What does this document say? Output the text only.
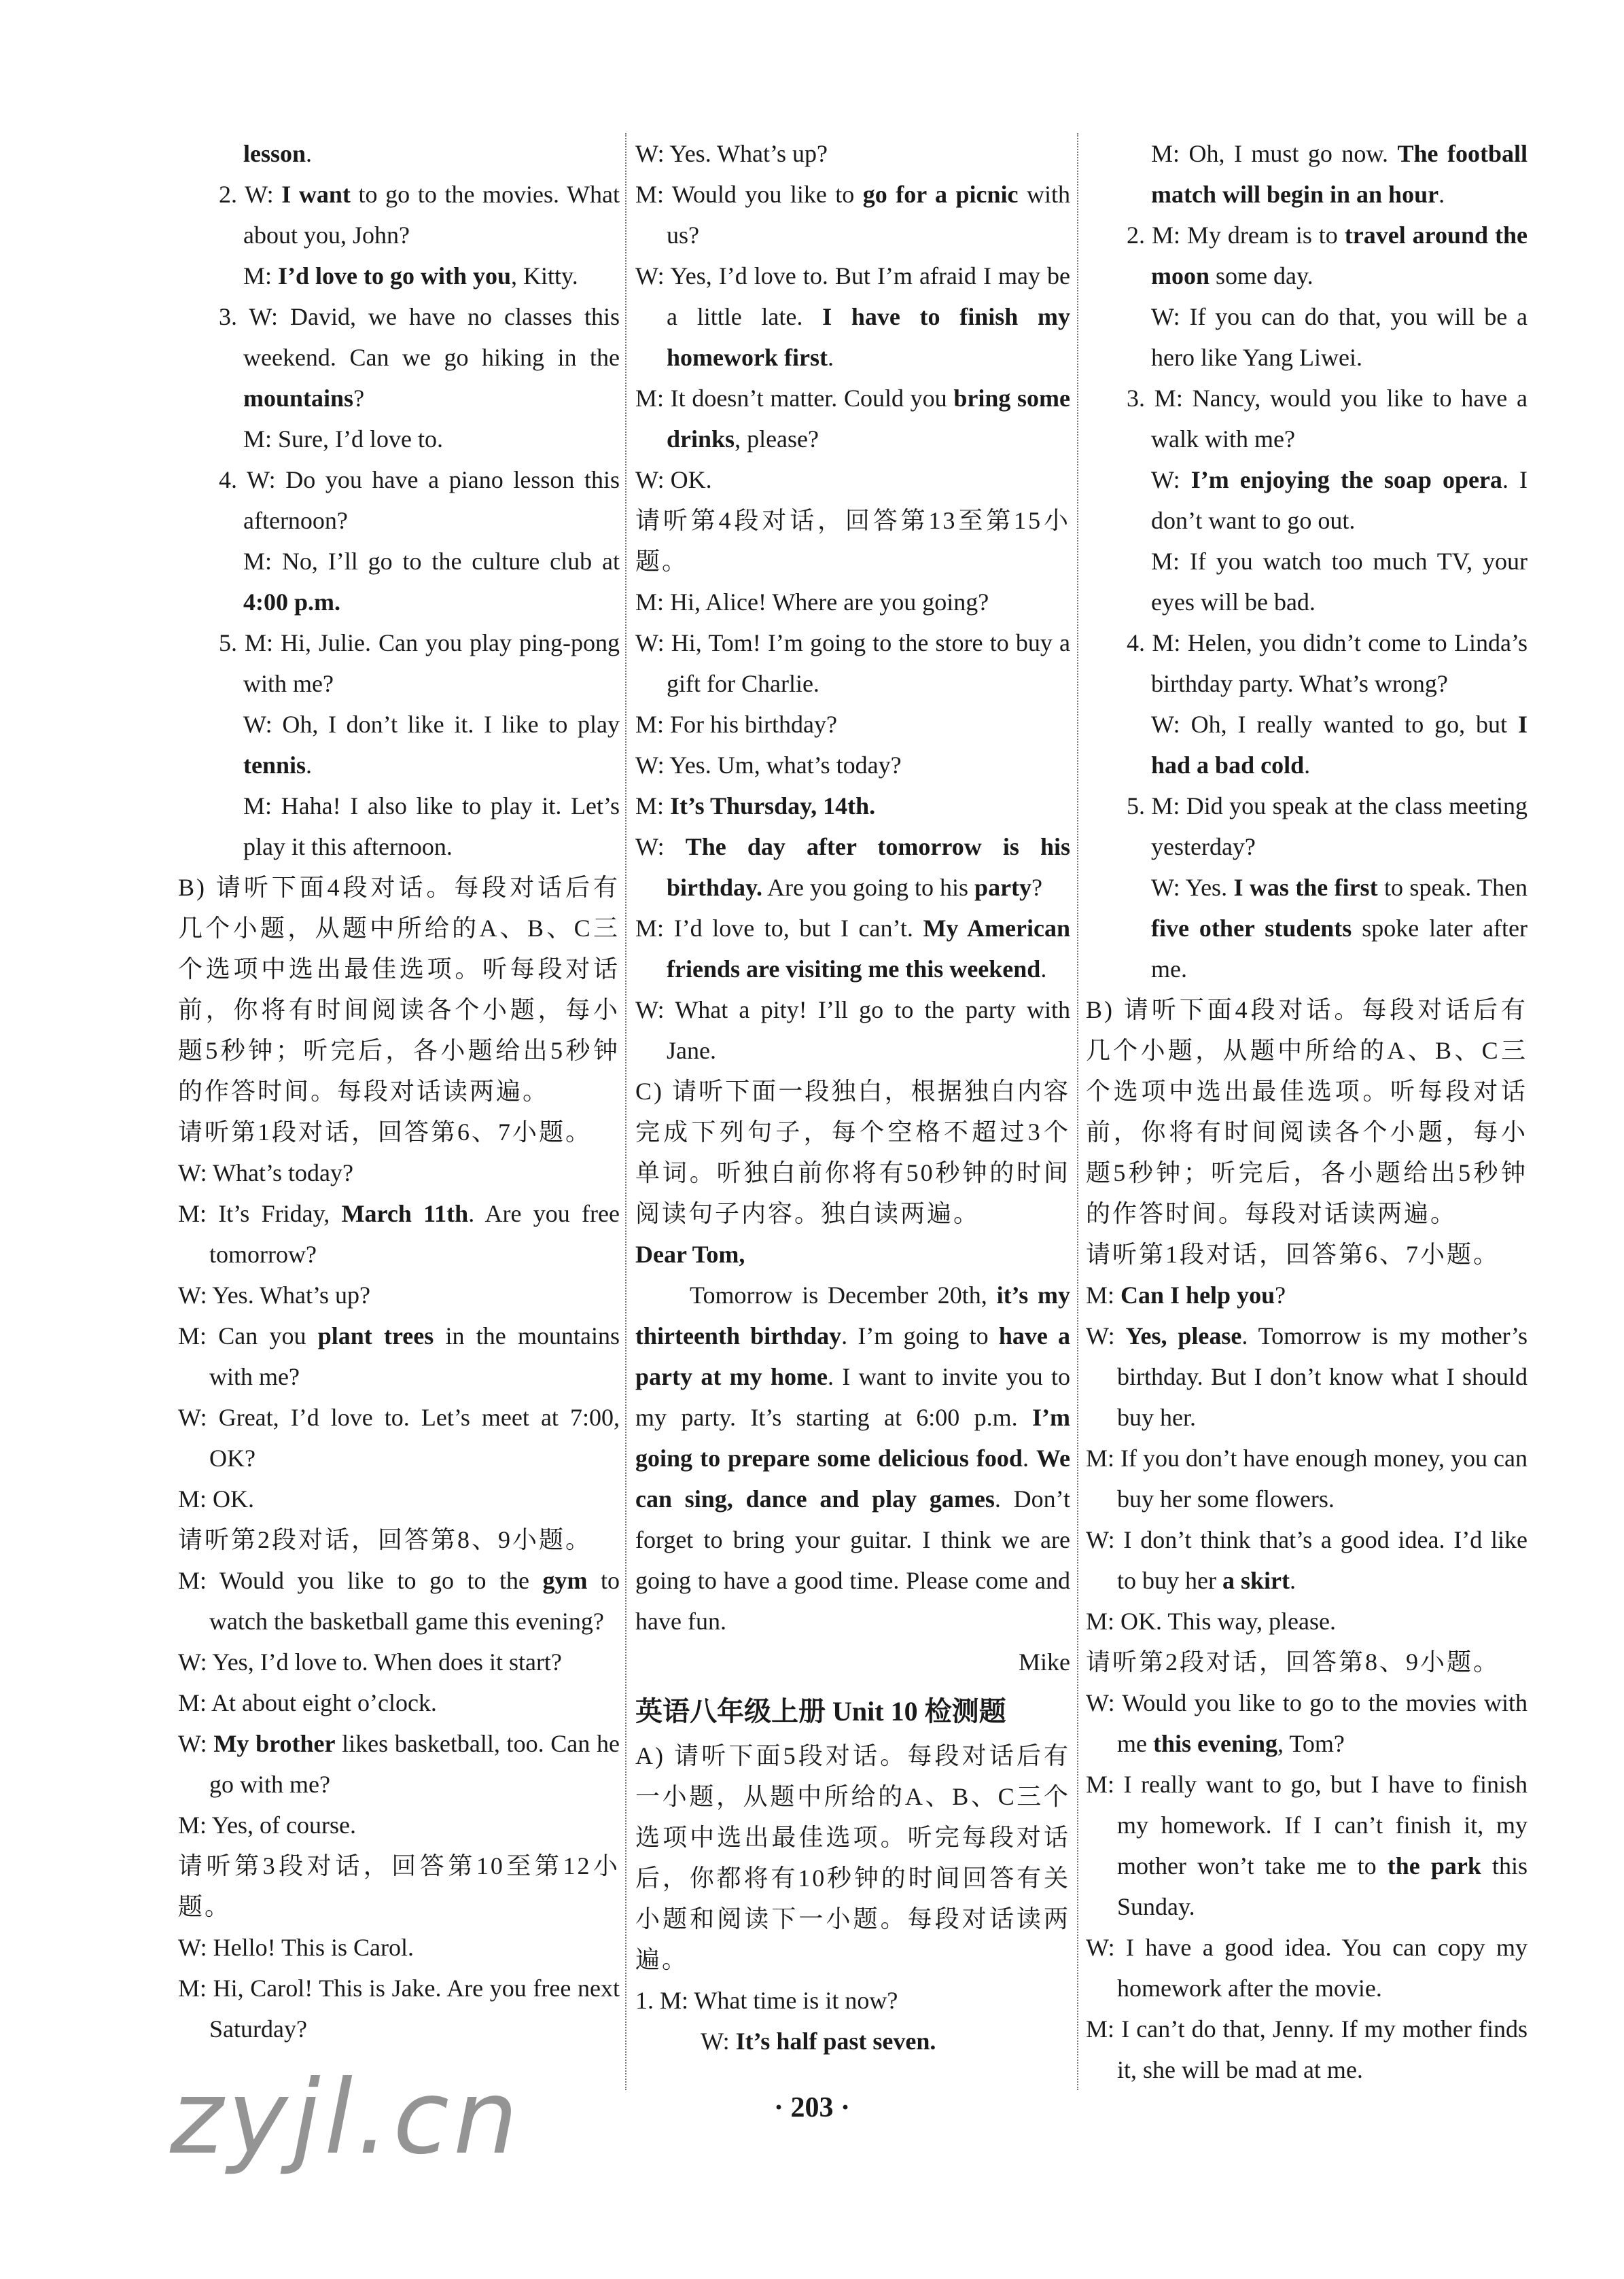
lesson.

2. W: I want to go to the movies. What about you, John?

M: I’d love to go with you, Kitty.

3. W: David, we have no classes this weekend. Can we go hiking in the mountains?

M: Sure, I’d love to.

4. W: Do you have a piano lesson this afternoon?

M: No, I’ll go to the culture club at 4:00 p.m.

5. M: Hi, Julie. Can you play ping-pong with me?

W: Oh, I don’t like it. I like to play tennis.

M: Haha! I also like to play it. Let’s play it this afternoon.

B) 请听下面4段对话。每段对话后有几个小题，从题中所给的A、B、C三个选项中选出最佳选项。听每段对话前，你将有时间阅读各个小题，每小题5秒钟；听完后，各小题给出5秒钟的作答时间。每段对话读两遍。

请听第1段对话，回答第6、7小题。

W: What’s today?

M: It’s Friday, March 11th. Are you free tomorrow?

W: Yes. What’s up?

M: Can you plant trees in the mountains with me?

W: Great, I’d love to. Let’s meet at 7:00, OK?

M: OK.

请听第2段对话，回答第8、9小题。

M: Would you like to go to the gym to watch the basketball game this evening?

W: Yes, I’d love to. When does it start?

M: At about eight o’clock.

W: My brother likes basketball, too. Can he go with me?

M: Yes, of course.

请听第3段对话，回答第10至第12小题。

W: Hello! This is Carol.

M: Hi, Carol! This is Jake. Are you free next Saturday?

W: Yes. What’s up?

M: Would you like to go for a picnic with us?

W: Yes, I’d love to. But I’m afraid I may be a little late. I have to finish my homework first.

M: It doesn’t matter. Could you bring some drinks, please?

W: OK.

请听第4段对话，回答第13至第15小题。

M: Hi, Alice! Where are you going?

W: Hi, Tom! I’m going to the store to buy a gift for Charlie.

M: For his birthday?

W: Yes. Um, what’s today?

M: It’s Thursday, 14th.

W: The day after tomorrow is his birthday. Are you going to his party?

M: I’d love to, but I can’t. My American friends are visiting me this weekend.

W: What a pity! I’ll go to the party with Jane.

C) 请听下面一段独白，根据独白内容完成下列句子，每个空格不超过3个单词。听独白前你将有50秒钟的时间阅读句子内容。独白读两遍。

Dear Tom,

Tomorrow is December 20th, it’s my thirteenth birthday. I’m going to have a party at my home. I want to invite you to my party. It’s starting at 6:00 p.m. I’m going to prepare some delicious food. We can sing, dance and play games. Don’t forget to bring your guitar. I think we are going to have a good time. Please come and have fun.

Mike

英语八年级上册 Unit 10 检测题

A) 请听下面5段对话。每段对话后有一小题，从题中所给的A、B、C三个选项中选出最佳选项。听完每段对话后，你都将有10秒钟的时间回答有关小题和阅读下一小题。每段对话读两遍。

1. M: What time is it now?

W: It’s half past seven.

M: Oh, I must go now. The football match will begin in an hour.

2. M: My dream is to travel around the moon some day.

W: If you can do that, you will be a hero like Yang Liwei.

3. M: Nancy, would you like to have a walk with me?

W: I’m enjoying the soap opera. I don’t want to go out.

M: If you watch too much TV, your eyes will be bad.

4. M: Helen, you didn’t come to Linda’s birthday party. What’s wrong?

W: Oh, I really wanted to go, but I had a bad cold.

5. M: Did you speak at the class meeting yesterday?

W: Yes. I was the first to speak. Then five other students spoke later after me.

B) 请听下面4段对话。每段对话后有几个小题，从题中所给的A、B、C三个选项中选出最佳选项。听每段对话前，你将有时间阅读各个小题，每小题5秒钟；听完后，各小题给出5秒钟的作答时间。每段对话读两遍。

请听第1段对话，回答第6、7小题。

M: Can I help you?

W: Yes, please. Tomorrow is my mother’s birthday. But I don’t know what I should buy her.

M: If you don’t have enough money, you can buy her some flowers.

W: I don’t think that’s a good idea. I’d like to buy her a skirt.

M: OK. This way, please.

请听第2段对话，回答第8、9小题。

W: Would you like to go to the movies with me this evening, Tom?

M: I really want to go, but I have to finish my homework. If I can’t finish it, my mother won’t take me to the park this Sunday.

W: I have a good idea. You can copy my homework after the movie.

M: I can’t do that, Jenny. If my mother finds it, she will be mad at me.

· 203 ·
zyjl.cn
